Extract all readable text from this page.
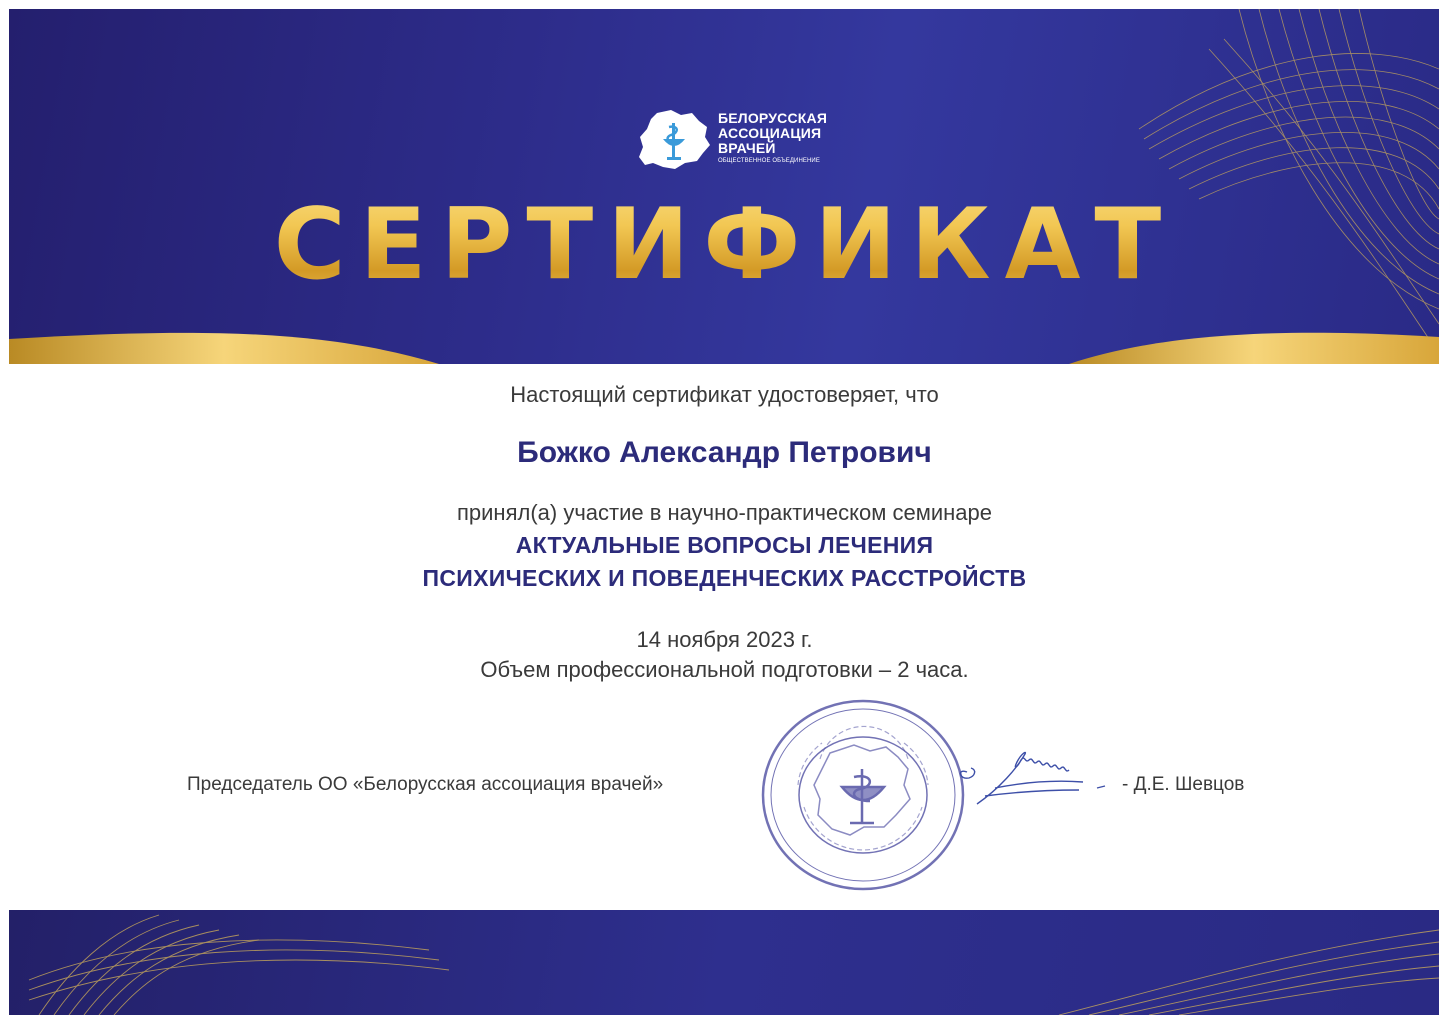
БЕЛОРУССКАЯ
АССОЦИАЦИЯ
ВРАЧЕЙ
ОБЩЕСТВЕННОЕ ОБЪЕДИНЕНИЕ
СЕРТИФИКАТ

Настоящий сертификат удостоверяет, что

Божко Александр Петрович

принял(а) участие в научно-практическом семинаре

АКТУАЛЬНЫЕ ВОПРОСЫ ЛЕЧЕНИЯ

ПСИХИЧЕСКИХ И ПОВЕДЕНЧЕСКИХ РАССТРОЙСТВ

14 ноября 2023 г.

Объем профессиональной подготовки – 2 часа.

Председатель ОО «Белорусская ассоциация врачей»	- Д.Е. Шевцов
